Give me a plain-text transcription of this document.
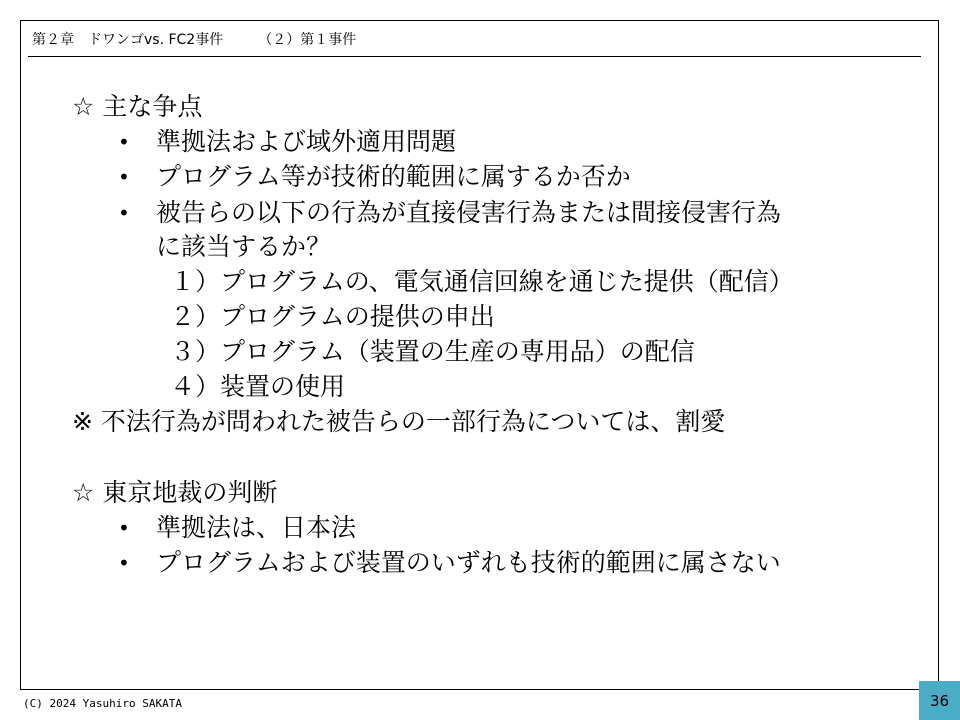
第２章　ドワンゴvs. FC2事件　　　（２）第１事件
☆ 主な争点
• 準拠法および域外適用問題
• プログラム等が技術的範囲に属するか否か
• 被告らの以下の行為が直接侵害行為または間接侵害行為
に該当するか？
１）プログラムの、電気通信回線を通じた提供（配信）
２）プログラムの提供の申出
３）プログラム（装置の生産の専用品）の配信
４）装置の使用
※ 不法行為が問われた被告らの一部行為については、割愛
☆ 東京地裁の判断
• 準拠法は、日本法
• プログラムおよび装置のいずれも技術的範囲に属さない
(C) 2024 Yasuhiro SAKATA	36
